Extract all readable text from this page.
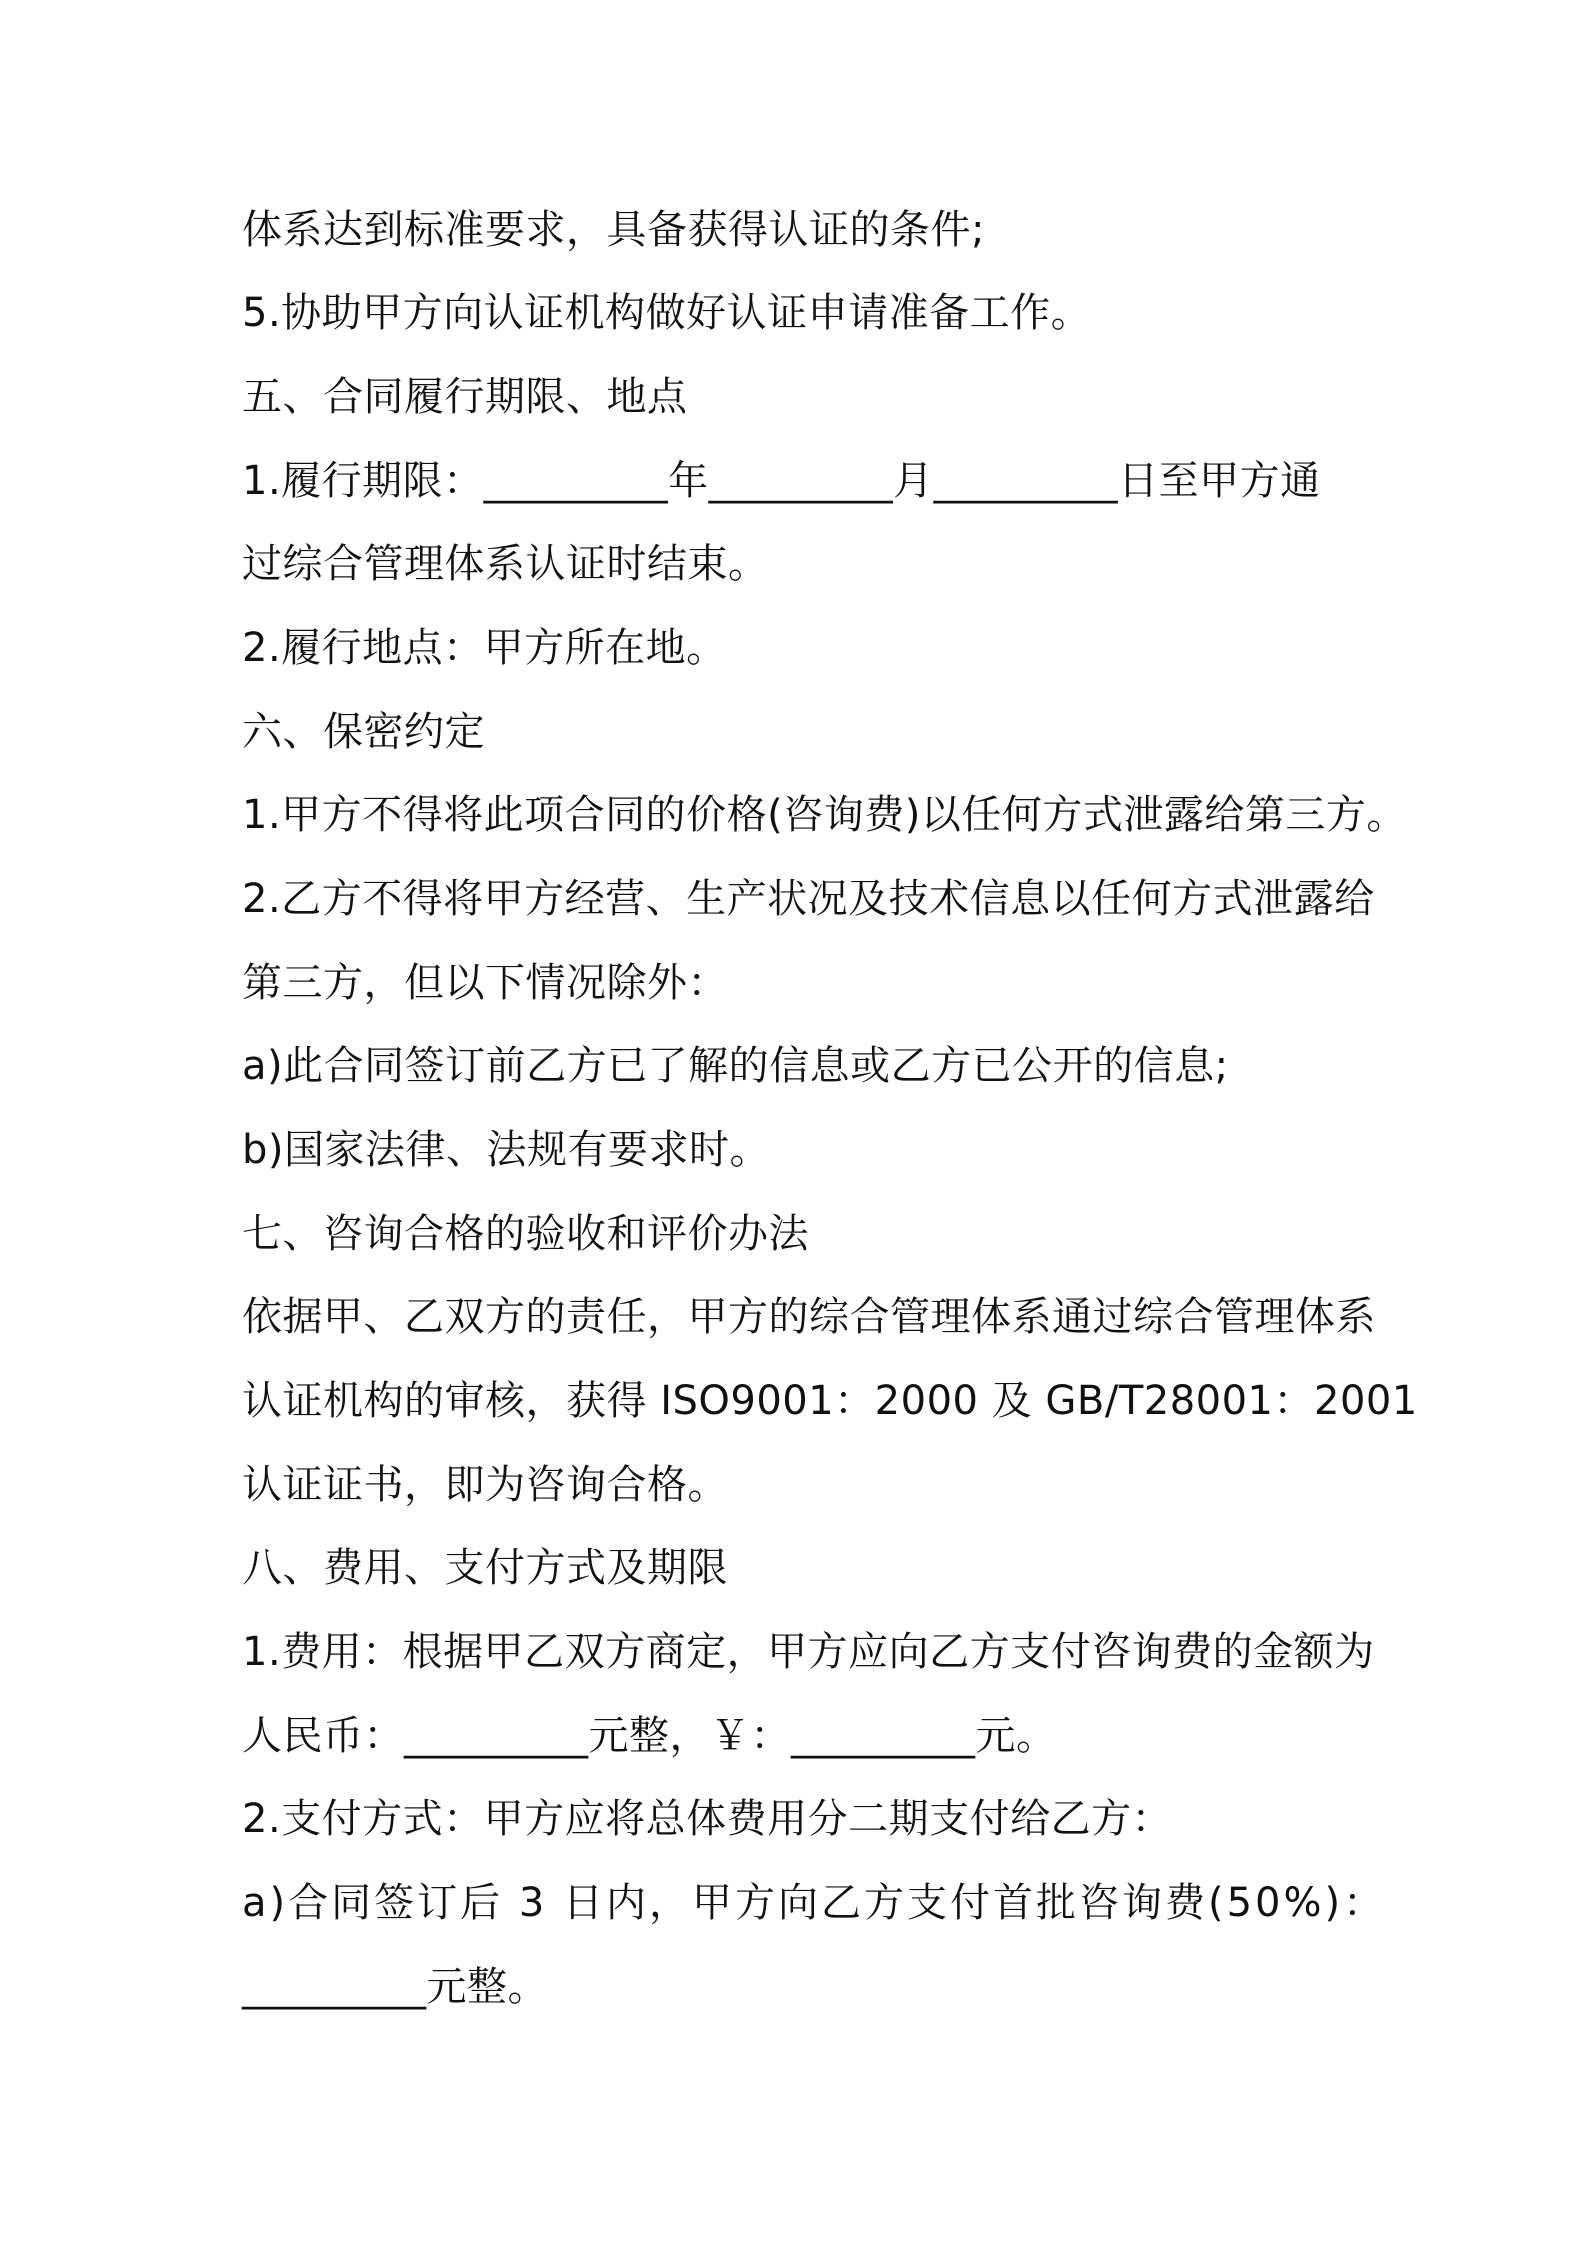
体系达到标准要求，具备获得认证的条件;
5.协助甲方向认证机构做好认证申请准备工作。
五、合同履行期限、地点
1.履行期限：_________年_________月_________日至甲方通
过综合管理体系认证时结束。
2.履行地点：甲方所在地。
六、保密约定
1.甲方不得将此项合同的价格(咨询费)以任何方式泄露给第三方。
2.乙方不得将甲方经营、生产状况及技术信息以任何方式泄露给
第三方，但以下情况除外：
a)此合同签订前乙方已了解的信息或乙方已公开的信息;
b)国家法律、法规有要求时。
七、咨询合格的验收和评价办法
依据甲、乙双方的责任，甲方的综合管理体系通过综合管理体系
认证机构的审核，获得 ISO9001：2000 及 GB/T28001：2001
认证证书，即为咨询合格。
八、费用、支付方式及期限
1.费用：根据甲乙双方商定，甲方应向乙方支付咨询费的金额为
人民币：_________元整，￥：_________元。
2.支付方式：甲方应将总体费用分二期支付给乙方：
a)合同签订后 3 日内，甲方向乙方支付首批咨询费(50%)：
_________元整。
